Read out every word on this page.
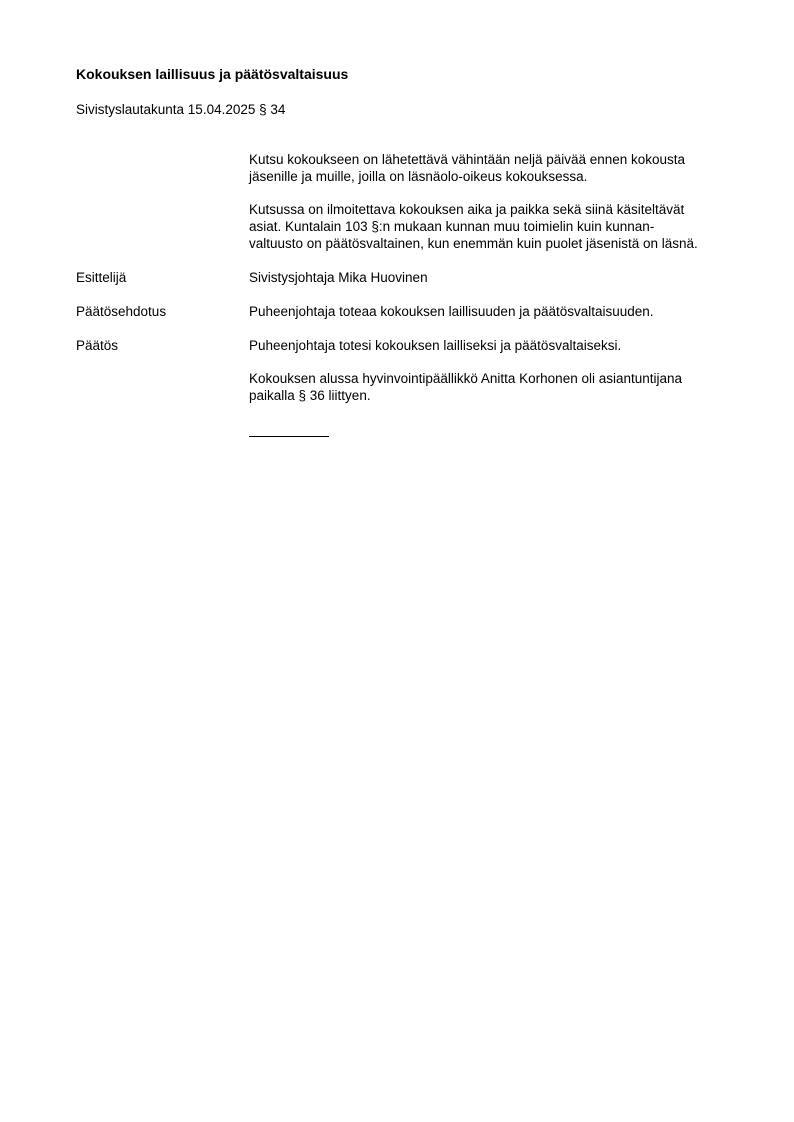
Kokouksen laillisuus ja päätösvaltaisuus
Sivistyslautakunta 15.04.2025 § 34

Kutsu kokoukseen on lähetettävä vähintään neljä päivää ennen kokousta
jäsenille ja muille, joilla on läsnäolo-oikeus kokouksessa.

Kutsussa on ilmoitettava kokouksen aika ja paikka sekä siinä käsiteltävät
asiat. Kuntalain 103 §:n mukaan kunnan muu toimielin kuin kunnan-
valtuusto on päätösvaltainen, kun enemmän kuin puolet jäsenistä on läsnä.

Esittelijä	Sivistysjohtaja Mika Huovinen
Päätösehdotus	Puheenjohtaja toteaa kokouksen laillisuuden ja päätösvaltaisuuden.
Päätös	Puheenjohtaja totesi kokouksen lailliseksi ja päätösvaltaiseksi.

Kokouksen alussa hyvinvointipäällikkö Anitta Korhonen oli asiantuntijana
paikalla § 36 liittyen.
